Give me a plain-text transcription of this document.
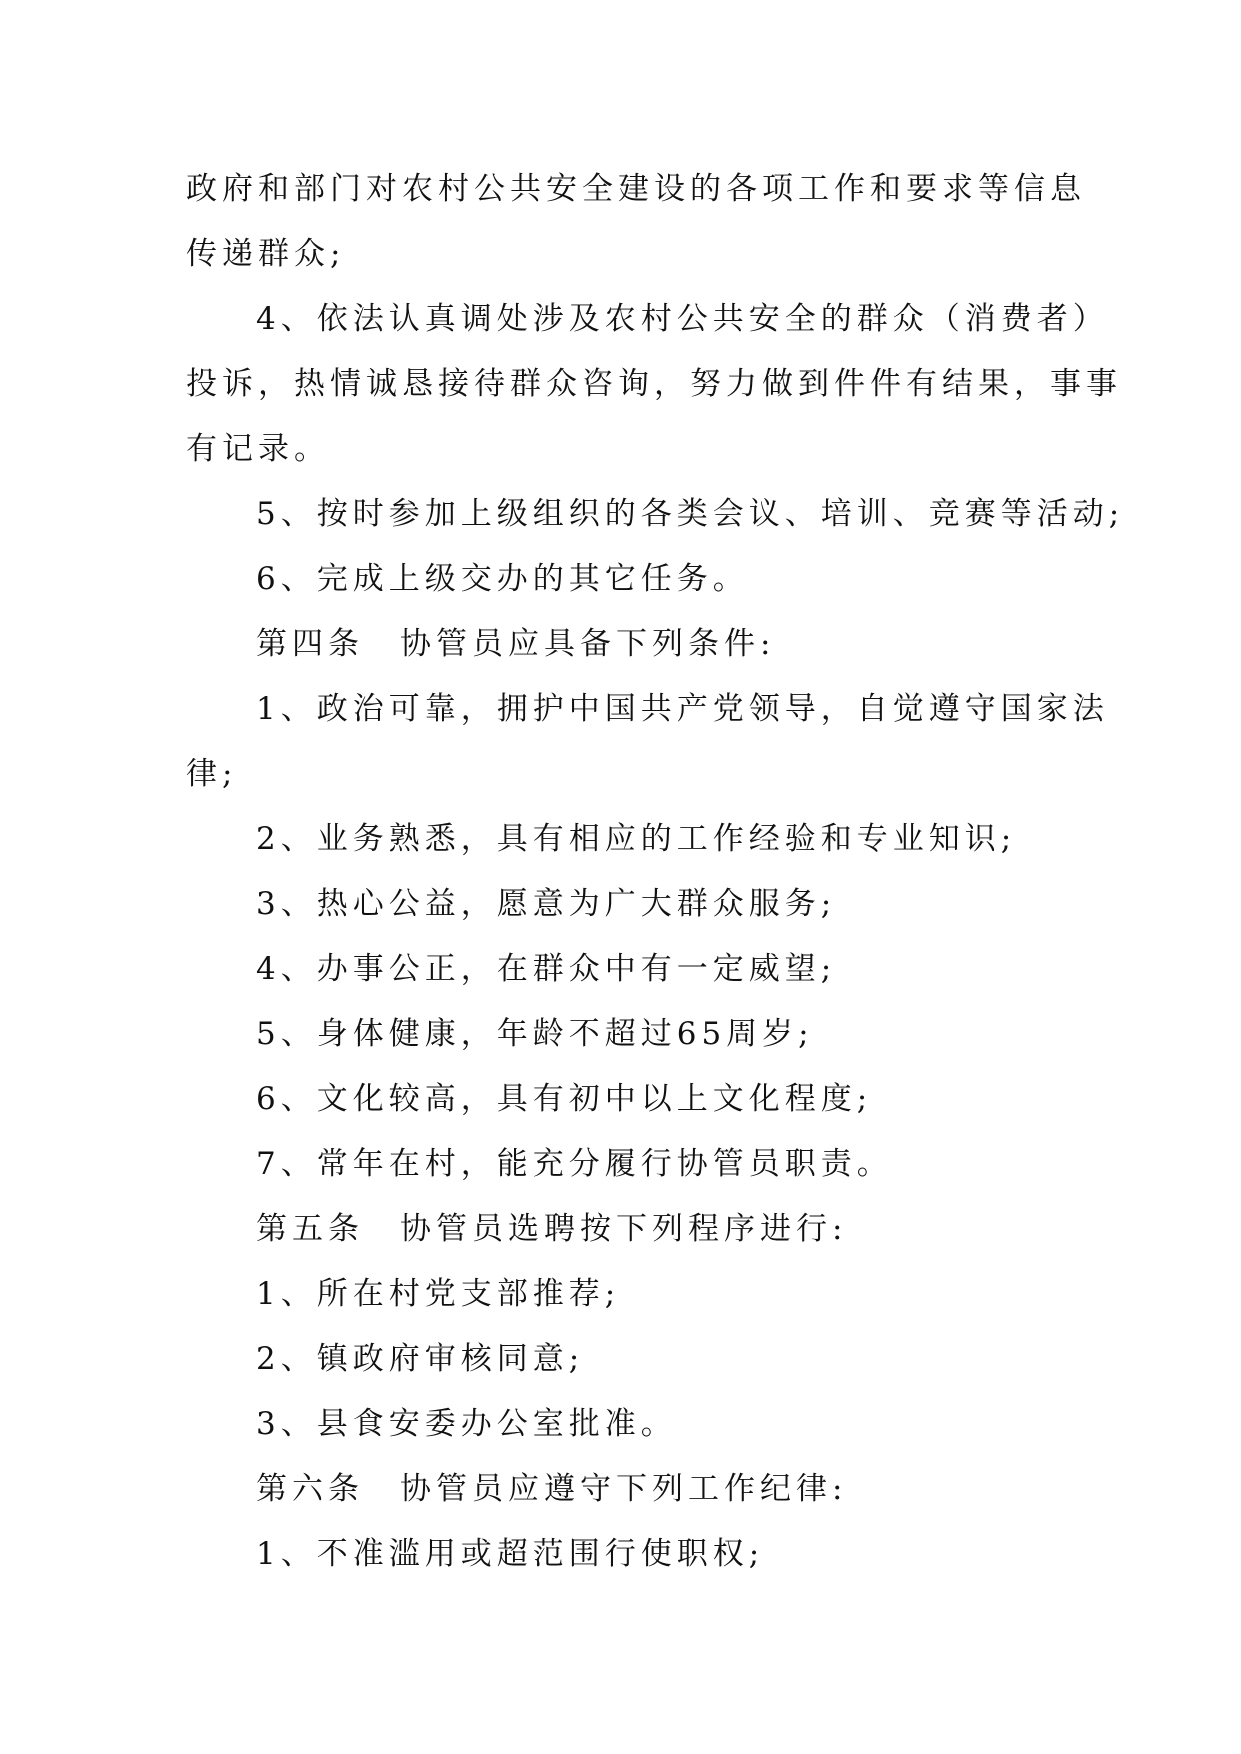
政府和部门对农村公共安全建设的各项工作和要求等信息
传递群众;
4、依法认真调处涉及农村公共安全的群众（消费者）
投诉，热情诚恳接待群众咨询，努力做到件件有结果，事事
有记录。
5、按时参加上级组织的各类会议、培训、竞赛等活动;
6、完成上级交办的其它任务。
第四条 协管员应具备下列条件:
1、政治可靠，拥护中国共产党领导，自觉遵守国家法
律;
2、业务熟悉，具有相应的工作经验和专业知识;
3、热心公益，愿意为广大群众服务;
4、办事公正，在群众中有一定威望;
5、身体健康，年龄不超过65周岁;
6、文化较高，具有初中以上文化程度;
7、常年在村，能充分履行协管员职责。
第五条 协管员选聘按下列程序进行:
1、所在村党支部推荐;
2、镇政府审核同意;
3、县食安委办公室批准。
第六条 协管员应遵守下列工作纪律:
1、不准滥用或超范围行使职权;
